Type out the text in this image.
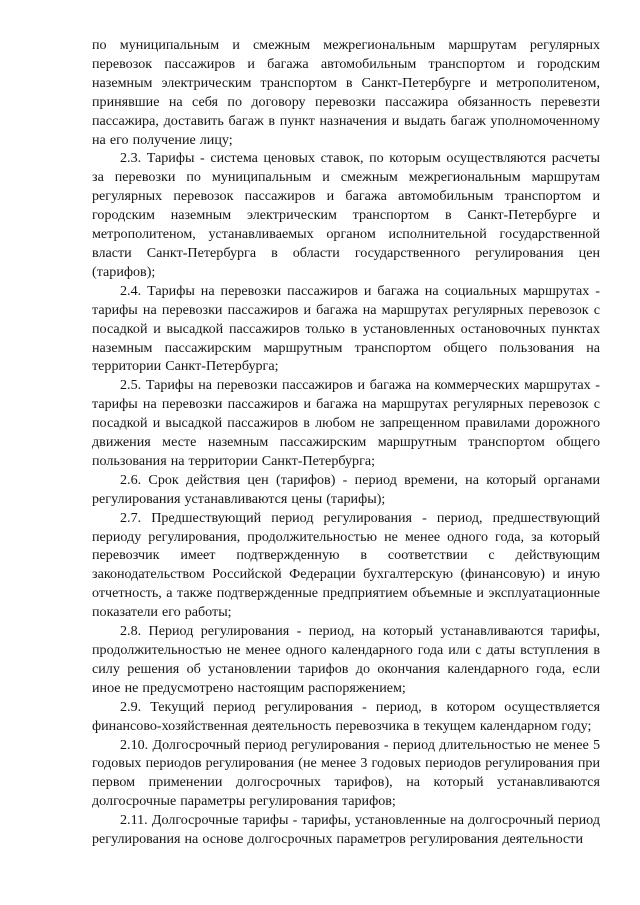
по муниципальным и смежным межрегиональным маршрутам регулярных перевозок пассажиров и багажа автомобильным транспортом и городским наземным электрическим транспортом в Санкт-Петербурге и метрополитеном, принявшие на себя по договору перевозки пассажира обязанность перевезти пассажира, доставить багаж в пункт назначения и выдать багаж уполномоченному на его получение лицу;

2.3. Тарифы - система ценовых ставок, по которым осуществляются расчеты за перевозки по муниципальным и смежным межрегиональным маршрутам регулярных перевозок пассажиров и багажа автомобильным транспортом и городским наземным электрическим транспортом в Санкт-Петербурге и метрополитеном, устанавливаемых органом исполнительной государственной власти Санкт-Петербурга в области государственного регулирования цен (тарифов);

2.4. Тарифы на перевозки пассажиров и багажа на социальных маршрутах - тарифы на перевозки пассажиров и багажа на маршрутах регулярных перевозок с посадкой и высадкой пассажиров только в установленных остановочных пунктах наземным пассажирским маршрутным транспортом общего пользования на территории Санкт-Петербурга;

2.5. Тарифы на перевозки пассажиров и багажа на коммерческих маршрутах - тарифы на перевозки пассажиров и багажа на маршрутах регулярных перевозок с посадкой и высадкой пассажиров в любом не запрещенном правилами дорожного движения месте наземным пассажирским маршрутным транспортом общего пользования на территории Санкт-Петербурга;

2.6. Срок действия цен (тарифов) - период времени, на который органами регулирования устанавливаются цены (тарифы);

2.7. Предшествующий период регулирования - период, предшествующий периоду регулирования, продолжительностью не менее одного года, за который перевозчик имеет подтвержденную в соответствии с действующим законодательством Российской Федерации бухгалтерскую (финансовую) и иную отчетность, а также подтвержденные предприятием объемные и эксплуатационные показатели его работы;

2.8. Период регулирования - период, на который устанавливаются тарифы, продолжительностью не менее одного календарного года или с даты вступления в силу решения об установлении тарифов до окончания календарного года, если иное не предусмотрено настоящим распоряжением;

2.9. Текущий период регулирования - период, в котором осуществляется финансово-хозяйственная деятельность перевозчика в текущем календарном году;

2.10. Долгосрочный период регулирования - период длительностью не менее 5 годовых периодов регулирования (не менее 3 годовых периодов регулирования при первом применении долгосрочных тарифов), на который устанавливаются долгосрочные параметры регулирования тарифов;

2.11. Долгосрочные тарифы - тарифы, установленные на долгосрочный период регулирования на основе долгосрочных параметров регулирования деятельности
